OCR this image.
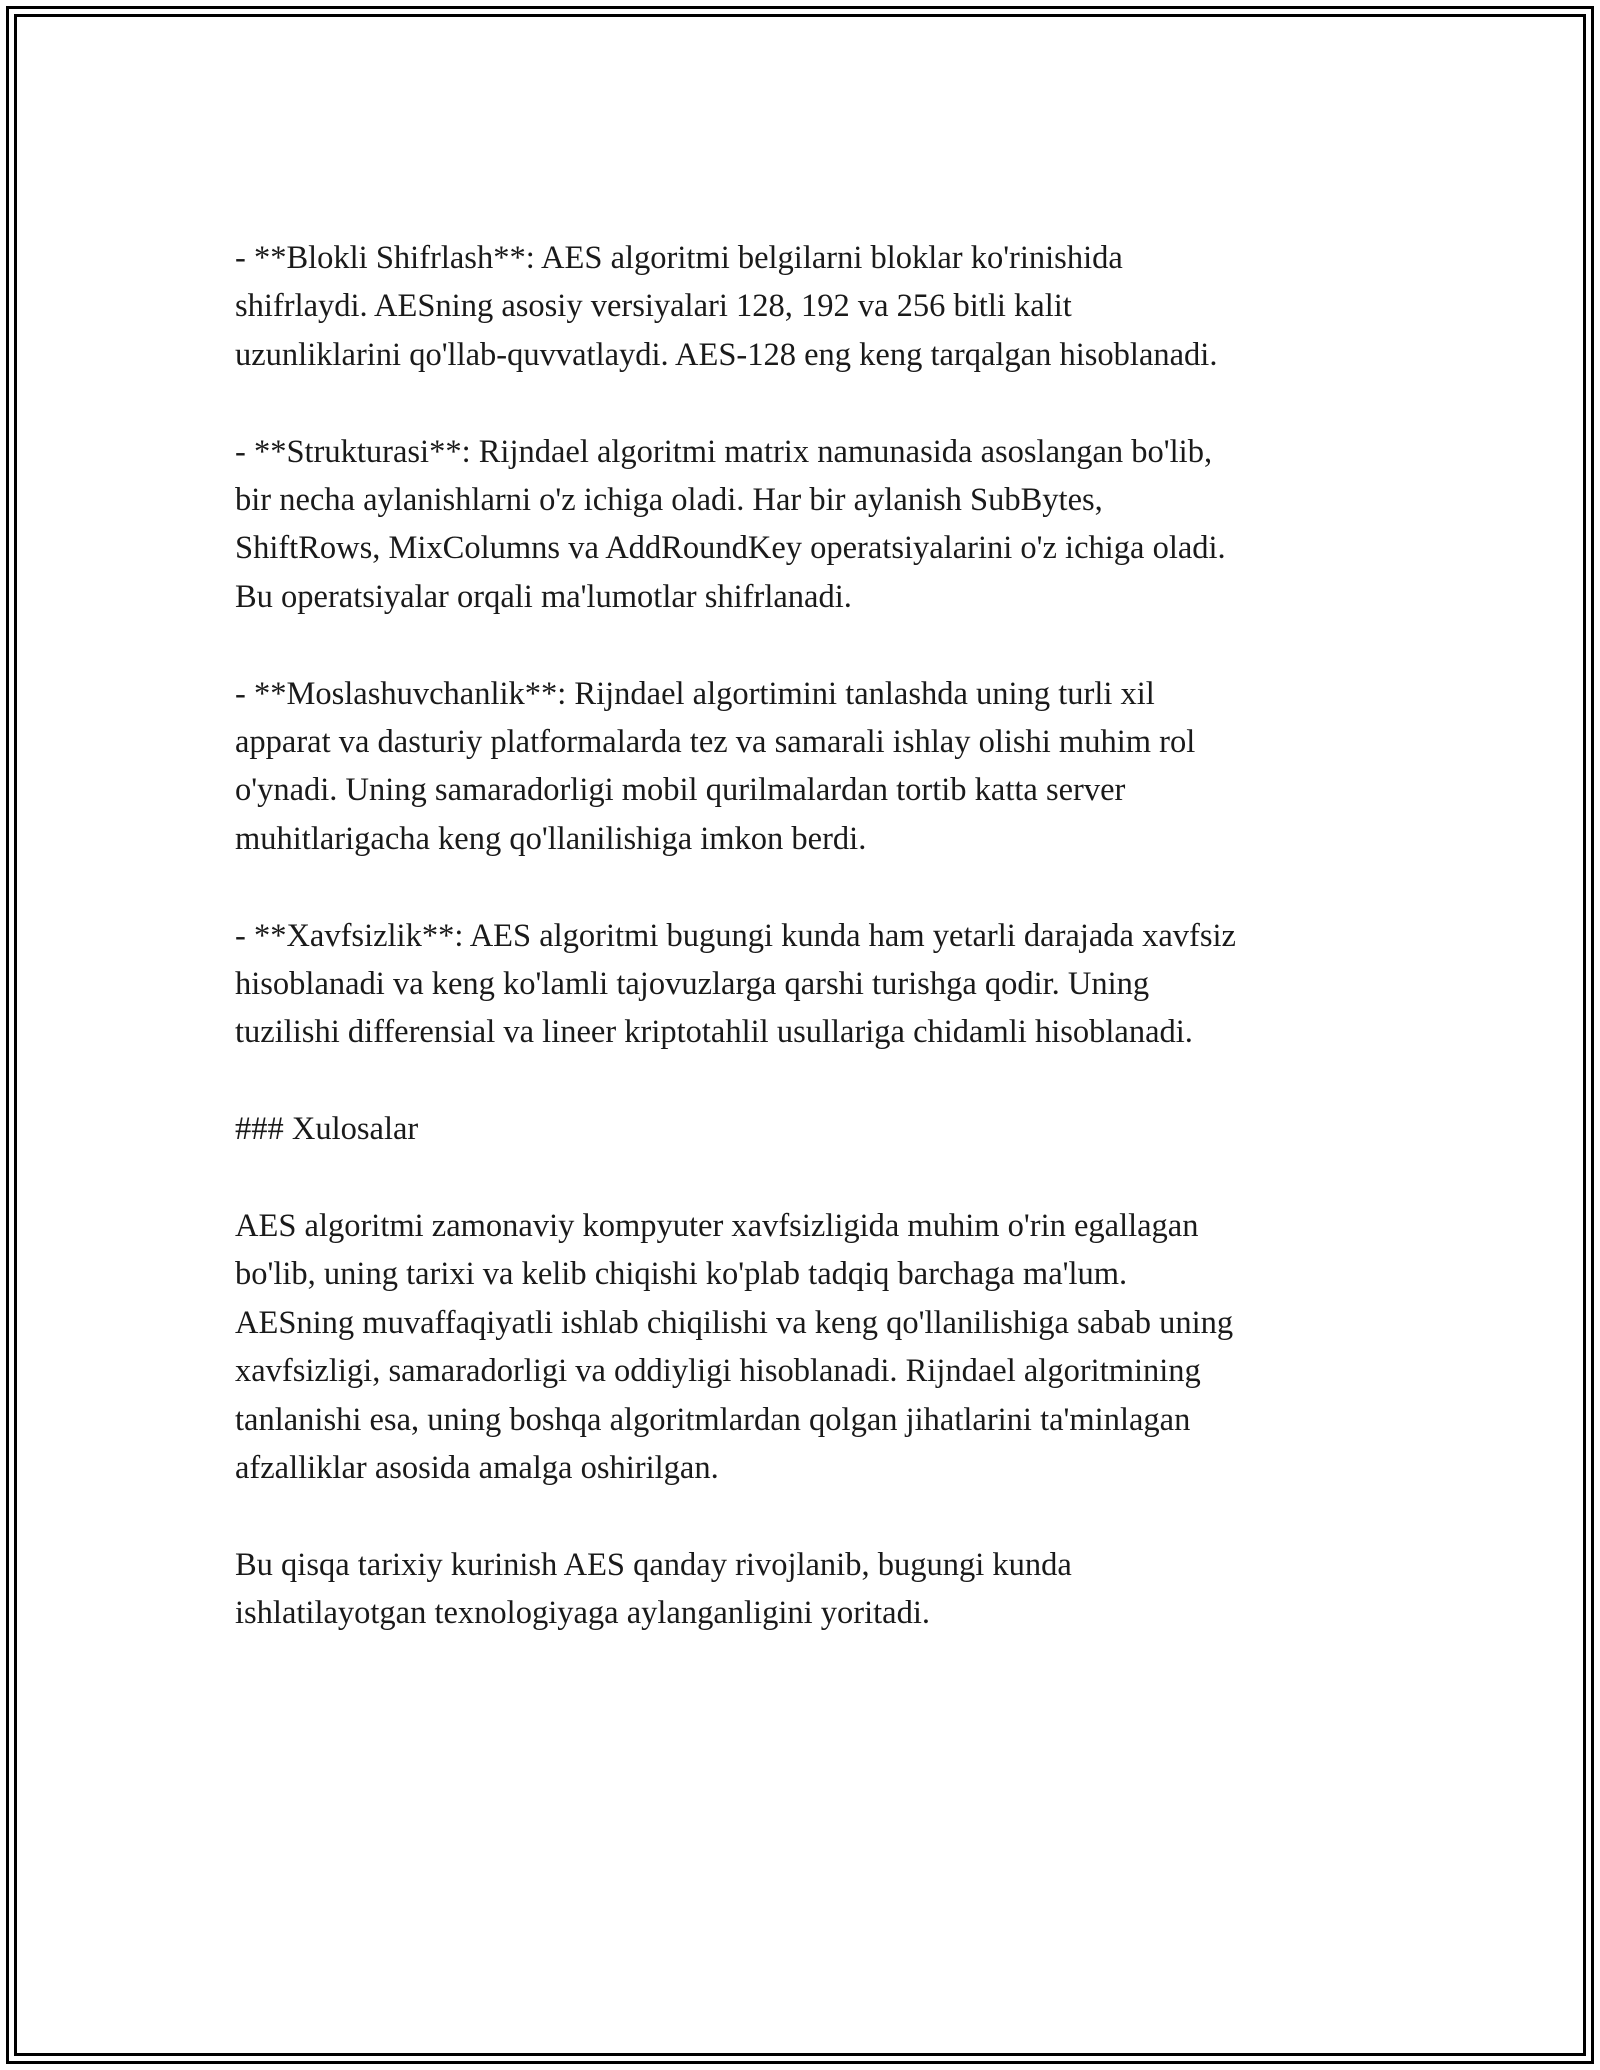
- **Blokli Shifrlash**: AES algoritmi belgilarni bloklar ko'rinishida
shifrlaydi. AESning asosiy versiyalari 128, 192 va 256 bitli kalit
uzunliklarini qo'llab-quvvatlaydi. AES-128 eng keng tarqalgan hisoblanadi.

- **Strukturasi**: Rijndael algoritmi matrix namunasida asoslangan bo'lib,
bir necha aylanishlarni o'z ichiga oladi. Har bir aylanish SubBytes,
ShiftRows, MixColumns va AddRoundKey operatsiyalarini o'z ichiga oladi.
Bu operatsiyalar orqali ma'lumotlar shifrlanadi.

- **Moslashuvchanlik**: Rijndael algortimini tanlashda uning turli xil
apparat va dasturiy platformalarda tez va samarali ishlay olishi muhim rol
o'ynadi. Uning samaradorligi mobil qurilmalardan tortib katta server
muhitlarigacha keng qo'llanilishiga imkon berdi.

- **Xavfsizlik**: AES algoritmi bugungi kunda ham yetarli darajada xavfsiz
hisoblanadi va keng ko'lamli tajovuzlarga qarshi turishga qodir. Uning
tuzilishi differensial va lineer kriptotahlil usullariga chidamli hisoblanadi.

### Xulosalar

AES algoritmi zamonaviy kompyuter xavfsizligida muhim o'rin egallagan
bo'lib, uning tarixi va kelib chiqishi ko'plab tadqiq barchaga ma'lum.
AESning muvaffaqiyatli ishlab chiqilishi va keng qo'llanilishiga sabab uning
xavfsizligi, samaradorligi va oddiyligi hisoblanadi. Rijndael algoritmining
tanlanishi esa, uning boshqa algoritmlardan qolgan jihatlarini ta'minlagan
afzalliklar asosida amalga oshirilgan.

Bu qisqa tarixiy kurinish AES qanday rivojlanib, bugungi kunda
ishlatilayotgan texnologiyaga aylanganligini yoritadi.
